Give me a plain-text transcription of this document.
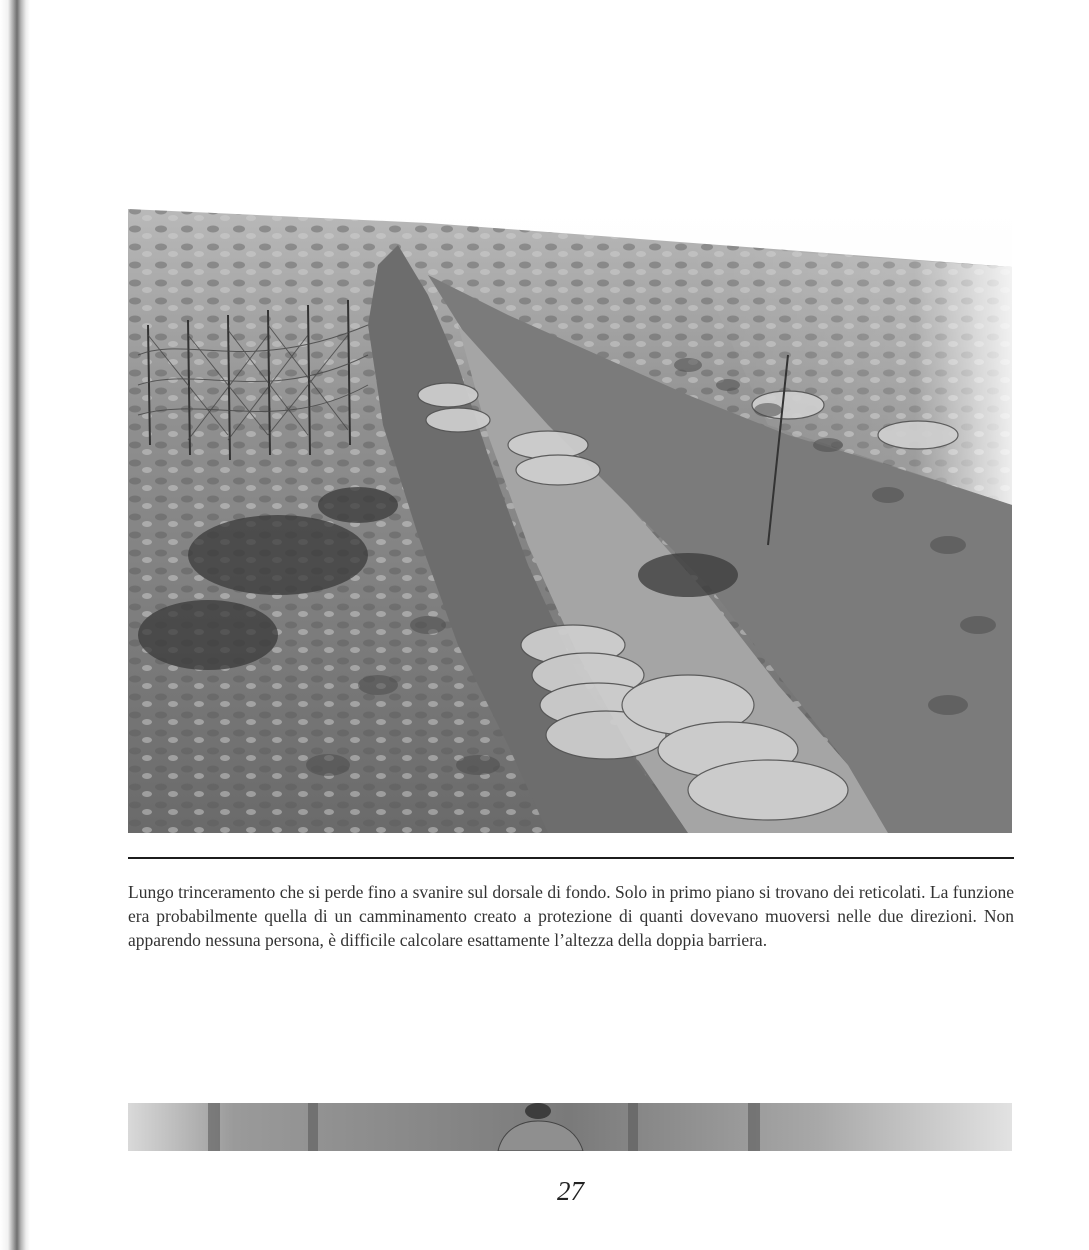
Lungo trinceramento che si perde fino a svanire sul dorsale di fondo. Solo in primo piano si trovano dei reticolati. La funzione era probabilmente quella di un camminamento creato a protezione di quanti dovevano muoversi nelle due direzioni. Non apparendo nessuna persona, è difficile calcolare esattamente l’altezza della doppia barriera.

27
